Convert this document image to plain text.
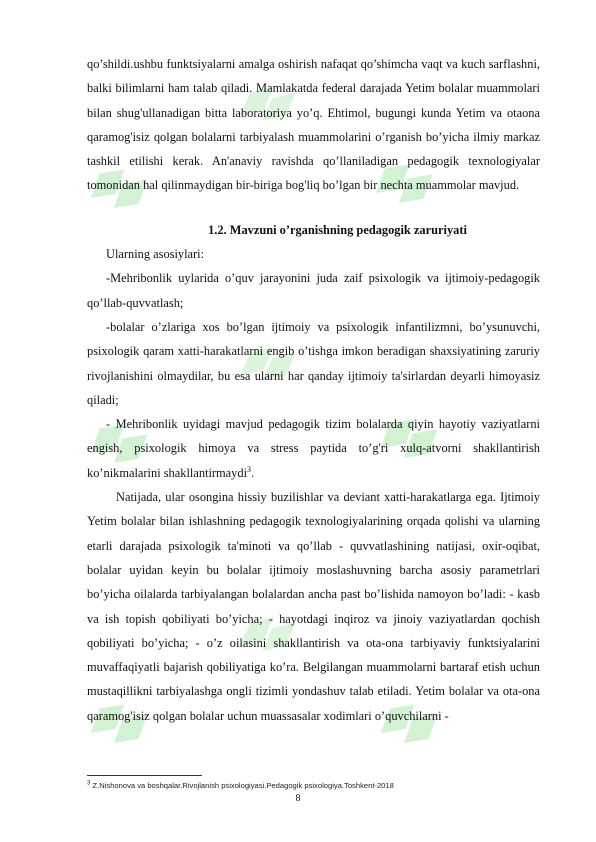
qo’shildi.ushbu funktsiyalarni amalga oshirish nafaqat qo’shimcha vaqt va kuch sarflashni, balki bilimlarni ham talab qiladi. Mamlakatda federal darajada Yetim bolalar muammolari bilan shug'ullanadigan bitta laboratoriya yo’q. Ehtimol, bugungi kunda Yetim va otaona qaramog'isiz qolgan bolalarni tarbiyalash muammolarini o’rganish bo’yicha ilmiy markaz tashkil etilishi kerak. An'anaviy ravishda qo’llaniladigan pedagogik texnologiyalar tomonidan hal qilinmaydigan bir-biriga bog'liq bo’lgan bir nechta muammolar mavjud.

1.2. Mavzuni o’rganishning pedagogik zaruriyati

Ularning asosiylari:

-Mehribonlik uylarida o’quv jarayonini juda zaif psixologik va ijtimoiy-pedagogik qo’llab-quvvatlash;

-bolalar o’zlariga xos bo’lgan ijtimoiy va psixologik infantilizmni, bo’ysunuvchi, psixologik qaram xatti-harakatlarni engib o’tishga imkon beradigan shaxsiyatining zaruriy rivojlanishini olmaydilar, bu esa ularni har qanday ijtimoiy ta'sirlardan deyarli himoyasiz qiladi;

- Mehribonlik uyidagi mavjud pedagogik tizim bolalarda qiyin hayotiy vaziyatlarni engish, psixologik himoya va stress paytida to’g'ri xulq-atvorni shakllantirish ko’nikmalarini shakllantirmaydi$^3$.

Natijada, ular osongina hissiy buzilishlar va deviant xatti-harakatlarga ega. Ijtimoiy Yetim bolalar bilan ishlashning pedagogik texnologiyalarining orqada qolishi va ularning etarli darajada psixologik ta'minoti va qo’llab - quvvatlashining natijasi, oxir-oqibat, bolalar uyidan keyin bu bolalar ijtimoiy moslashuvning barcha asosiy parametrlari bo’yicha oilalarda tarbiyalangan bolalardan ancha past bo’lishida namoyon bo’ladi: - kasb va ish topish qobiliyati bo’yicha; - hayotdagi inqiroz va jinoiy vaziyatlardan qochish qobiliyati bo’yicha; - o’z oilasini shakllantirish va ota-ona tarbiyaviy funktsiyalarini muvaffaqiyatli bajarish qobiliyatiga ko’ra. Belgilangan muammolarni bartaraf etish uchun mustaqillikni tarbiyalashga ongli tizimli yondashuv talab etiladi. Yetim bolalar va ota-ona qaramog'isiz qolgan bolalar uchun muassasalar xodimlari o’quvchilarni -

$^3$ Z.Nishonova va boshqalar.Rivojlanish psixologiyasi.Pedagogik psixologiya.Toshkent-2018
8
